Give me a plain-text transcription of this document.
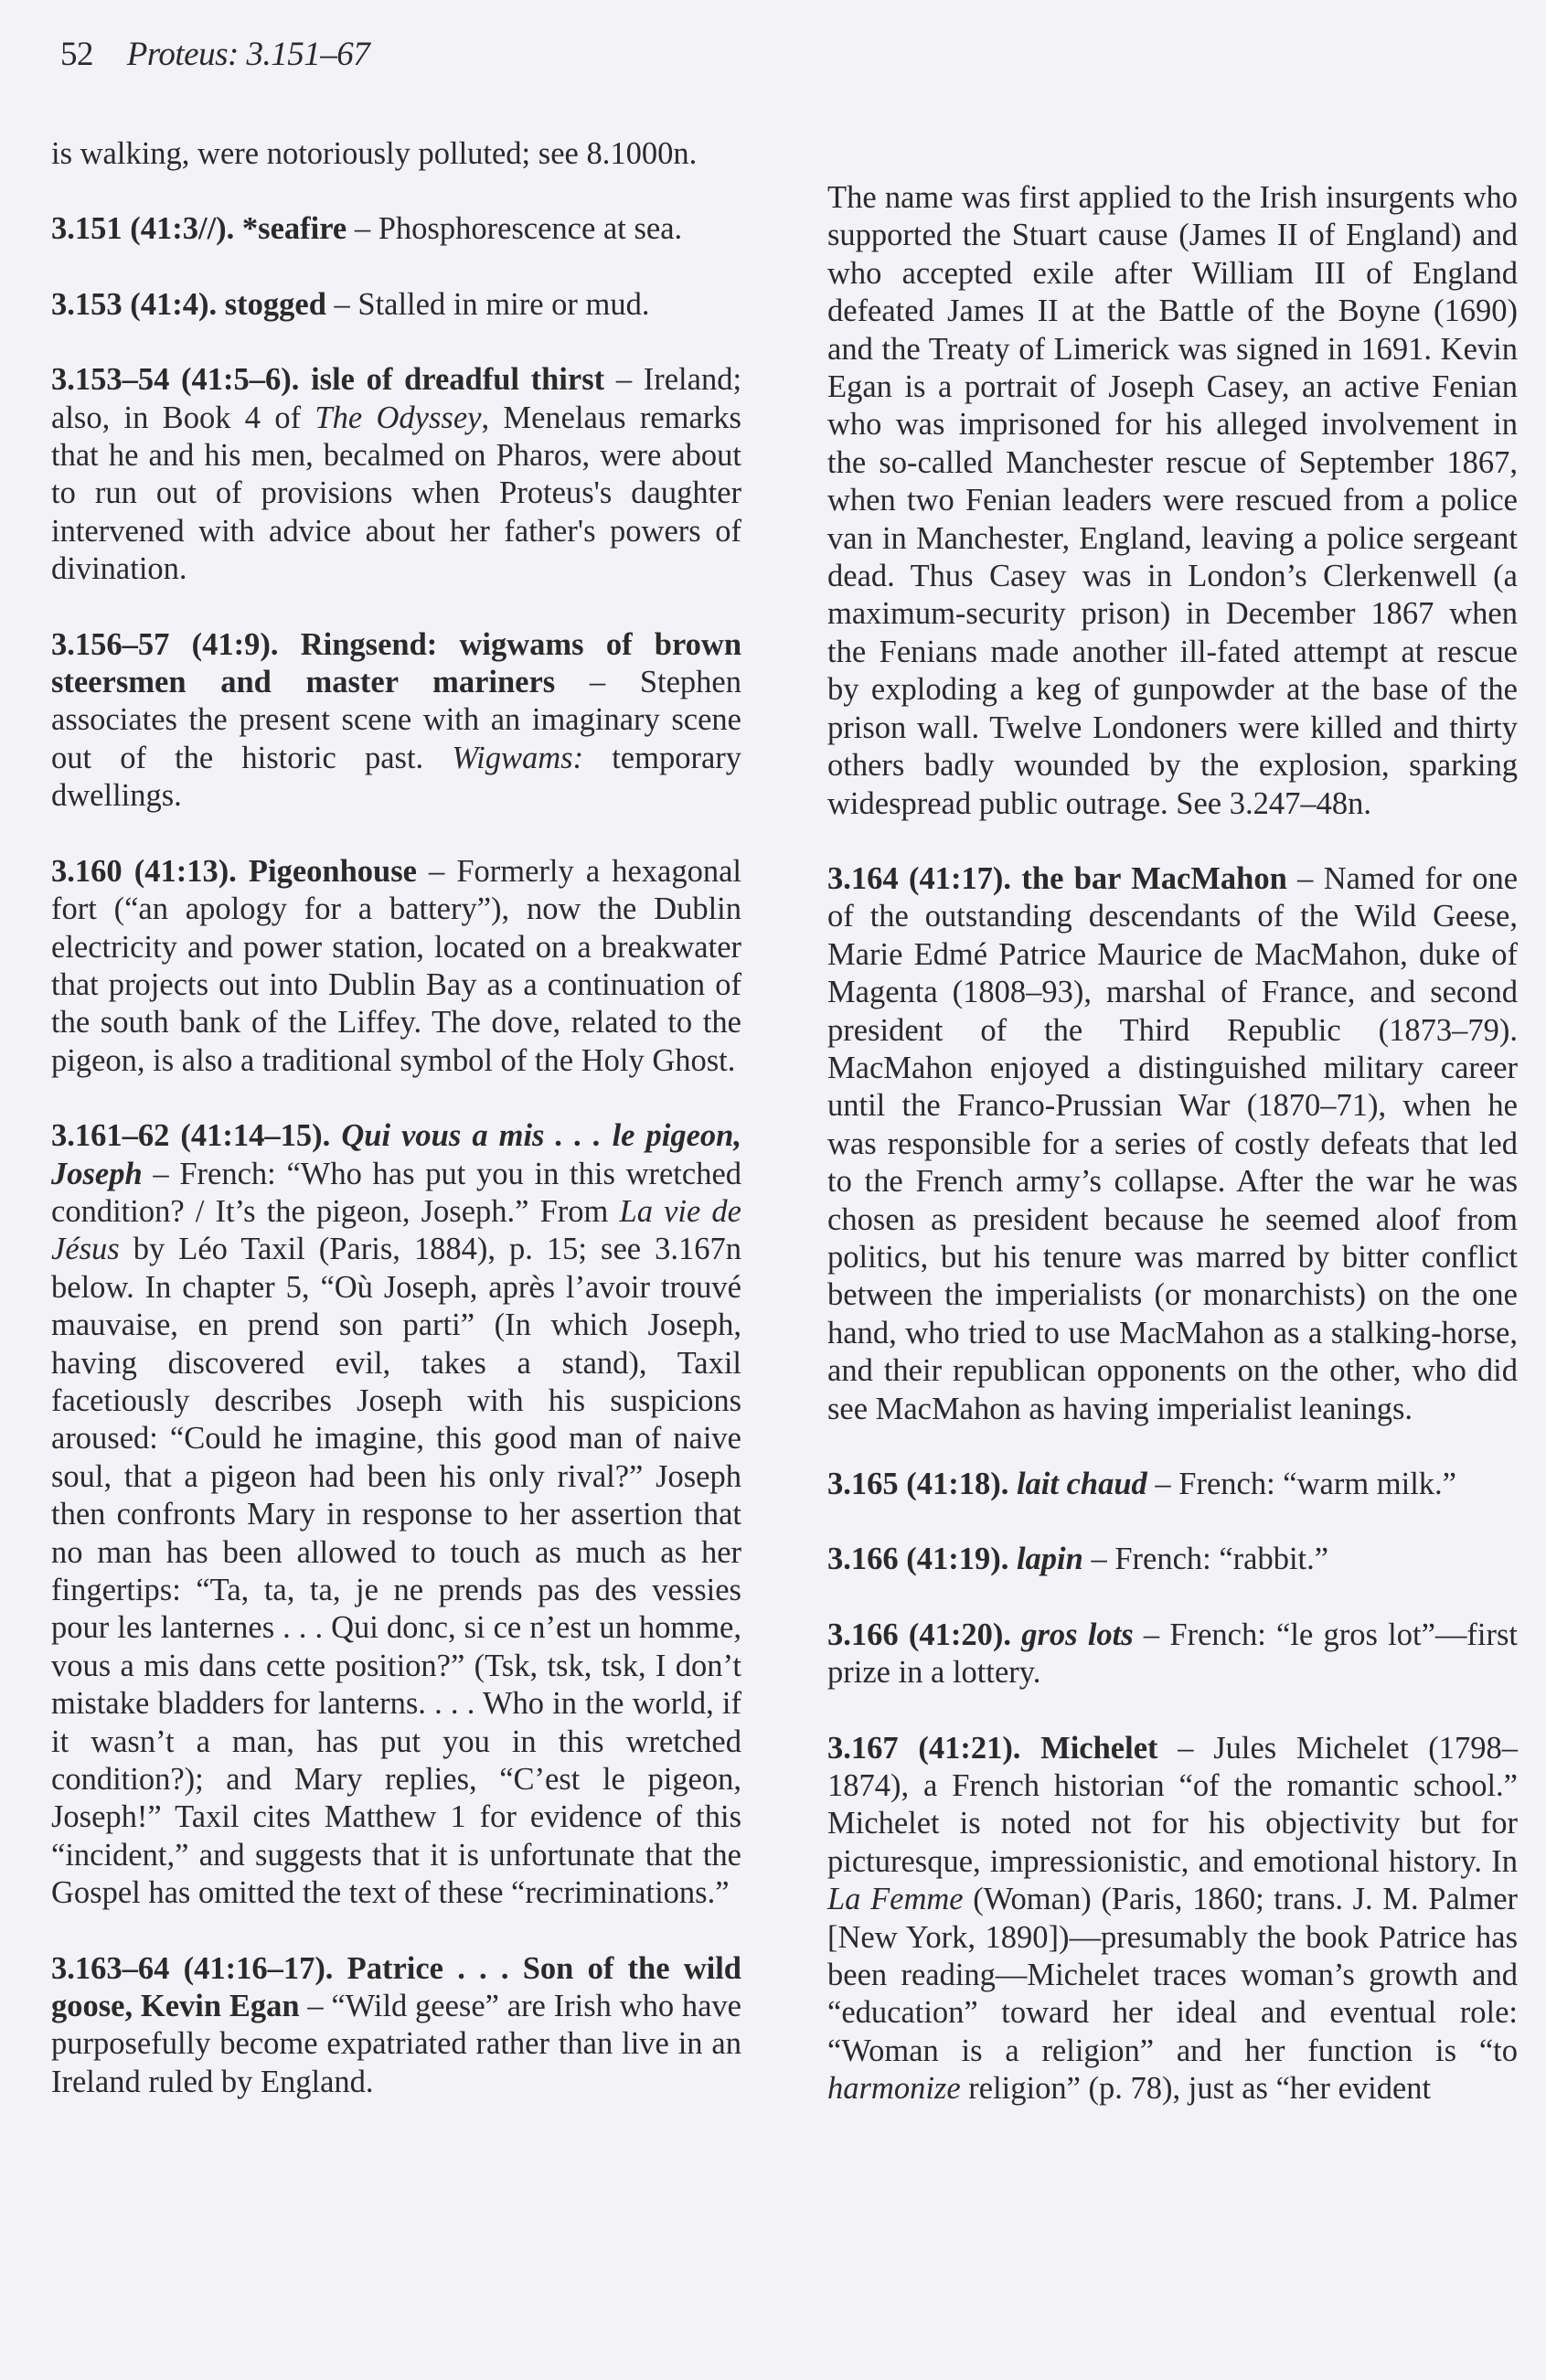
52 Proteus: 3.151–67

is walking, were notoriously polluted; see 8.1000n.

3.151 (41:3//). *seafire – Phosphorescence at sea.

3.153 (41:4). stogged – Stalled in mire or mud.

3.153–54 (41:5–6). isle of dreadful thirst – Ireland; also, in Book 4 of The Odyssey, Menelaus remarks that he and his men, becalmed on Pharos, were about to run out of provisions when Proteus's daughter intervened with advice about her father's powers of divination.

3.156–57 (41:9). Ringsend: wigwams of brown steersmen and master mariners – Stephen associates the present scene with an imaginary scene out of the historic past. Wigwams: temporary dwellings.

3.160 (41:13). Pigeonhouse – Formerly a hexagonal fort (“an apology for a battery”), now the Dublin electricity and power station, located on a breakwater that projects out into Dublin Bay as a continuation of the south bank of the Liffey. The dove, related to the pigeon, is also a traditional symbol of the Holy Ghost.

3.161–62 (41:14–15). Qui vous a mis . . . le pigeon, Joseph – French: “Who has put you in this wretched condition? / It’s the pigeon, Joseph.” From La vie de Jésus by Léo Taxil (Paris, 1884), p. 15; see 3.167n below. In chapter 5, “Où Joseph, après l’avoir trouvé mauvaise, en prend son parti” (In which Joseph, having discovered evil, takes a stand), Taxil facetiously describes Joseph with his suspicions aroused: “Could he imagine, this good man of naive soul, that a pigeon had been his only rival?” Joseph then confronts Mary in response to her assertion that no man has been allowed to touch as much as her fingertips: “Ta, ta, ta, je ne prends pas des vessies pour les lanternes . . . Qui donc, si ce n’est un homme, vous a mis dans cette position?” (Tsk, tsk, tsk, I don’t mistake bladders for lanterns. . . . Who in the world, if it wasn’t a man, has put you in this wretched condition?); and Mary replies, “C’est le pigeon, Joseph!” Taxil cites Matthew 1 for evidence of this “incident,” and suggests that it is unfortunate that the Gospel has omitted the text of these “recriminations.”

3.163–64 (41:16–17). Patrice . . . Son of the wild goose, Kevin Egan – “Wild geese” are Irish who have purposefully become expatriated rather than live in an Ireland ruled by England.

The name was first applied to the Irish insurgents who supported the Stuart cause (James II of England) and who accepted exile after William III of England defeated James II at the Battle of the Boyne (1690) and the Treaty of Limerick was signed in 1691. Kevin Egan is a portrait of Joseph Casey, an active Fenian who was imprisoned for his alleged involvement in the so-called Manchester rescue of September 1867, when two Fenian leaders were rescued from a police van in Manchester, England, leaving a police sergeant dead. Thus Casey was in London’s Clerkenwell (a maximum-security prison) in December 1867 when the Fenians made another ill-fated attempt at rescue by exploding a keg of gunpowder at the base of the prison wall. Twelve Londoners were killed and thirty others badly wounded by the explosion, sparking widespread public outrage. See 3.247–48n.

3.164 (41:17). the bar MacMahon – Named for one of the outstanding descendants of the Wild Geese, Marie Edmé Patrice Maurice de MacMahon, duke of Magenta (1808–93), marshal of France, and second president of the Third Republic (1873–79). MacMahon enjoyed a distinguished military career until the Franco-Prussian War (1870–71), when he was responsible for a series of costly defeats that led to the French army’s collapse. After the war he was chosen as president because he seemed aloof from politics, but his tenure was marred by bitter conflict between the imperialists (or monarchists) on the one hand, who tried to use MacMahon as a stalking-horse, and their republican opponents on the other, who did see MacMahon as having imperialist leanings.

3.165 (41:18). lait chaud – French: “warm milk.”

3.166 (41:19). lapin – French: “rabbit.”

3.166 (41:20). gros lots – French: “le gros lot”—first prize in a lottery.

3.167 (41:21). Michelet – Jules Michelet (1798–1874), a French historian “of the romantic school.” Michelet is noted not for his objectivity but for picturesque, impressionistic, and emotional history. In La Femme (Woman) (Paris, 1860; trans. J. M. Palmer [New York, 1890])—presumably the book Patrice has been reading—Michelet traces woman’s growth and “education” toward her ideal and eventual role: “Woman is a religion” and her function is “to harmonize religion” (p. 78), just as “her evident
